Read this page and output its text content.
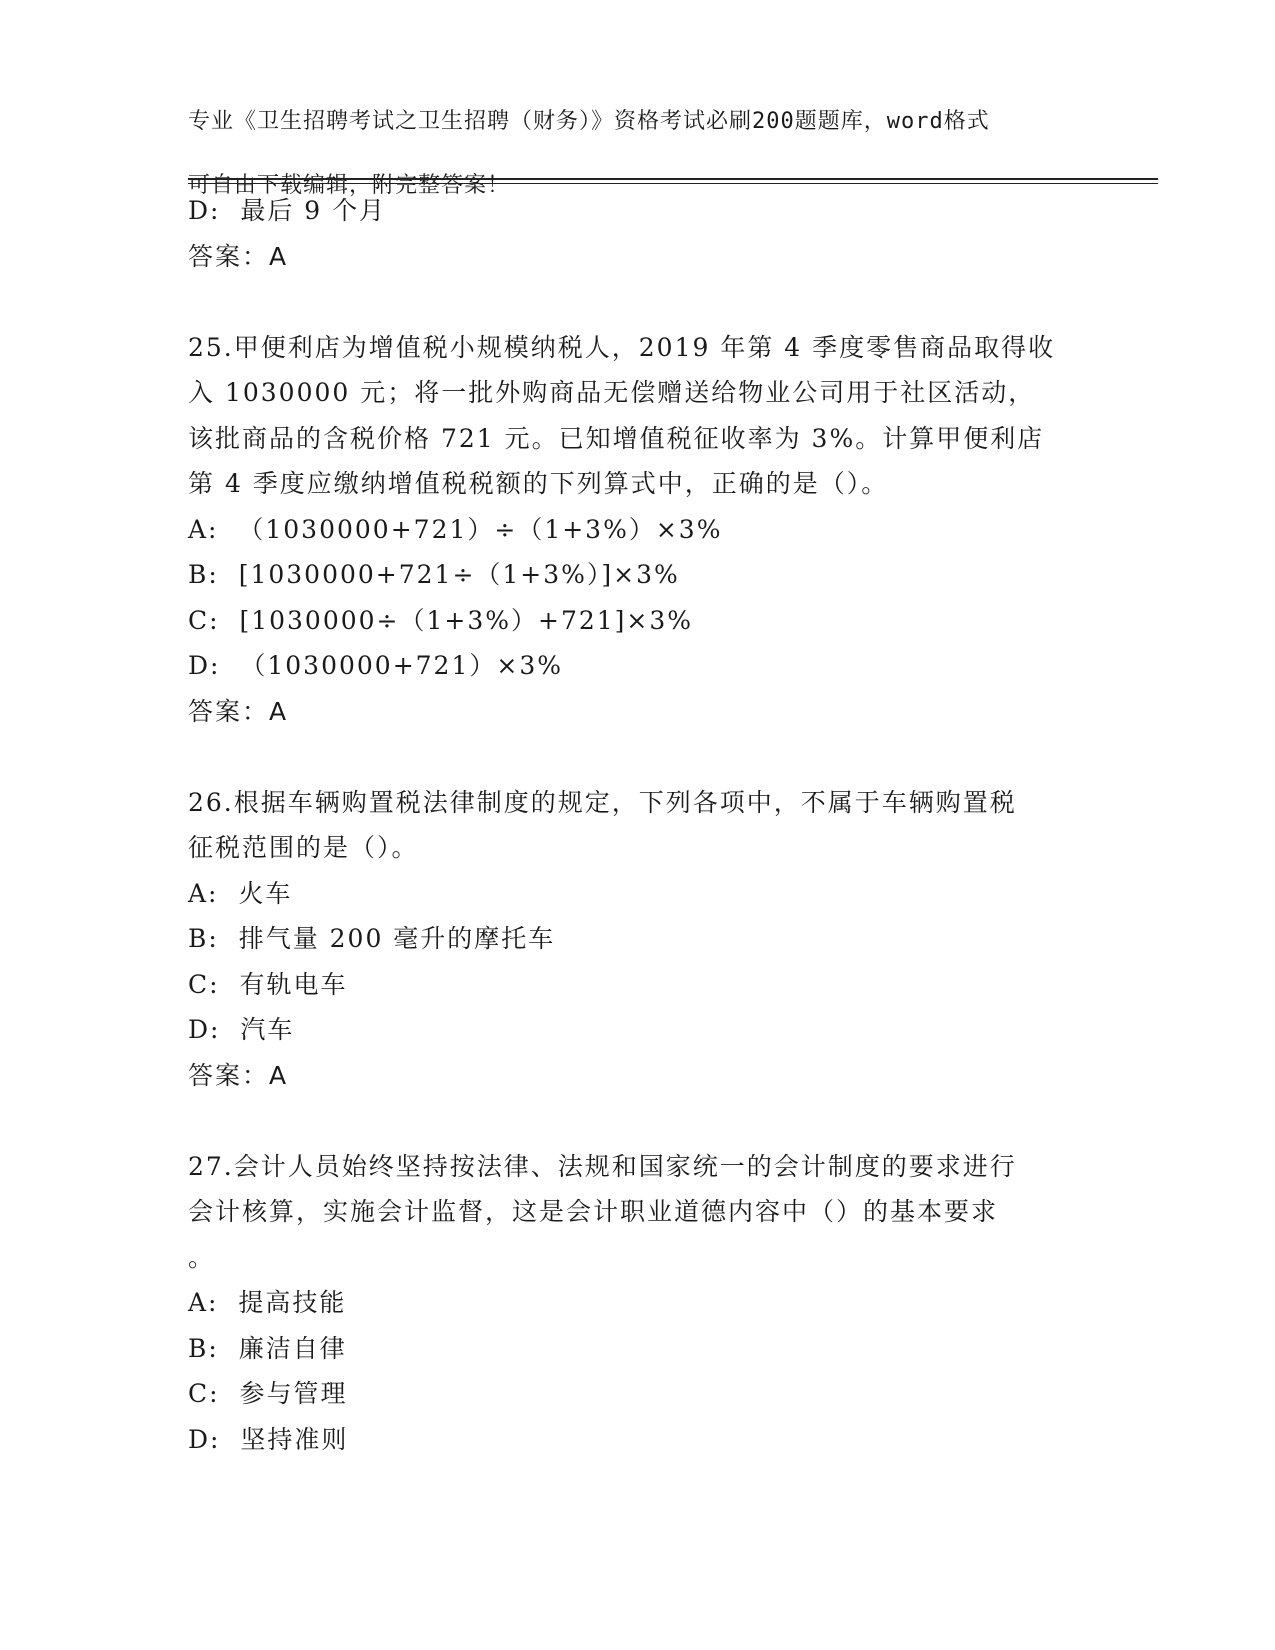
专业《卫生招聘考试之卫生招聘（财务）》资格考试必刷200题题库，word格式

可自由下载编辑，附完整答案！

D:  最后 9 个月
答案：A
25.甲便利店为增值税小规模纳税人，2019 年第 4 季度零售商品取得收
入 1030000 元；将一批外购商品无偿赠送给物业公司用于社区活动，
该批商品的含税价格 721 元。已知增值税征收率为 3%。计算甲便利店
第 4 季度应缴纳增值税税额的下列算式中，正确的是（）。
A:  （1030000+721）÷（1+3%）×3%
B:  [1030000+721÷（1+3%）]×3%
C:  [1030000÷（1+3%）+721]×3%
D:  （1030000+721）×3%
答案：A
26.根据车辆购置税法律制度的规定，下列各项中，不属于车辆购置税
征税范围的是（）。
A:  火车
B:  排气量 200 毫升的摩托车
C:  有轨电车
D:  汽车
答案：A
27.会计人员始终坚持按法律、法规和国家统一的会计制度的要求进行
会计核算，实施会计监督，这是会计职业道德内容中（）的基本要求
。
A:  提高技能
B:  廉洁自律
C:  参与管理
D:  坚持准则
